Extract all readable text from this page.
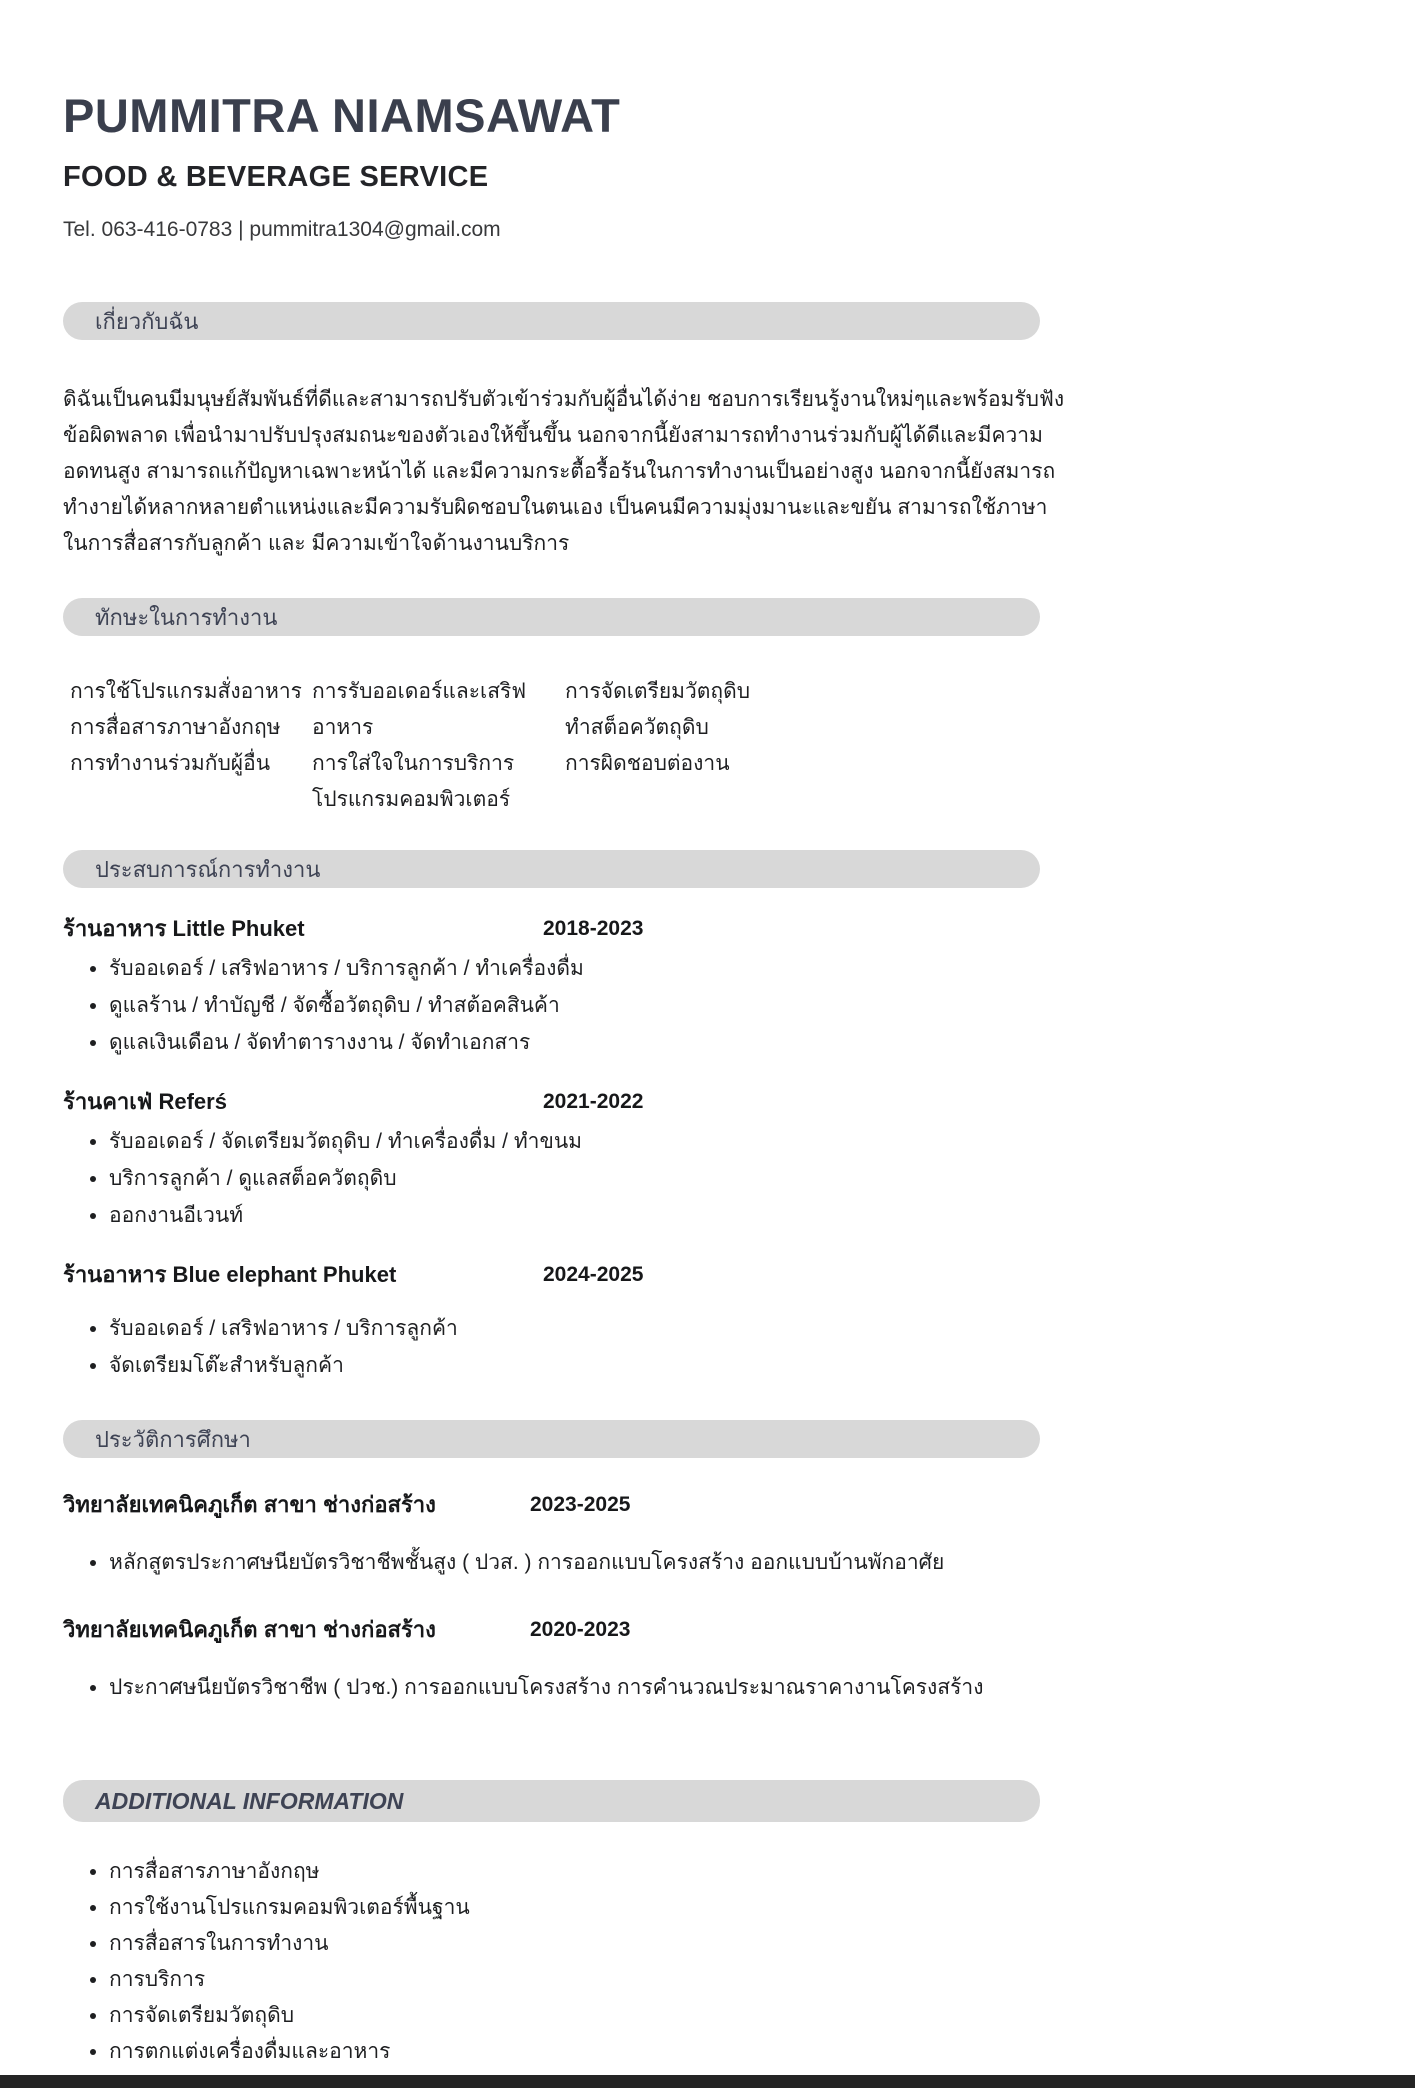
PUMMITRA NIAMSAWAT
FOOD & BEVERAGE SERVICE

Tel. 063-416-0783 | pummitra1304@gmail.com

เกี่ยวกับฉัน

ดิฉันเป็นคนมีมนุษย์สัมพันธ์ที่ดีและสามารถปรับตัวเข้าร่วมกับผู้อื่นได้ง่าย ชอบการเรียนรู้งานใหม่ๆและพร้อมรับฟังข้อผิดพลาด เพื่อนำมาปรับปรุงสมถนะของตัวเองให้ขึ้นขึ้น นอกจากนี้ยังสามารถทำงานร่วมกับผู้ได้ดีและมีความอดทนสูง สามารถแก้ปัญหาเฉพาะหน้าได้ และมีความกระตื้อรื้อร้นในการทำงานเป็นอย่างสูง นอกจากนี้ยังสมารถทำงายได้หลากหลายตำแหน่งและมีความรับผิดชอบในตนเอง เป็นคนมีความมุ่งมานะและขยัน สามารถใช้ภาษาในการสื่อสารกับลูกค้า และ มีความเข้าใจด้านงานบริการ

ทักษะในการทำงาน
การใช้โปรแกรมสั่งอาหาร
การสื่อสารภาษาอังกฤษ
การทำงานร่วมกับผู้อื่น
การรับออเดอร์และเสริฟอาหาร
การใส่ใจในการบริการ
โปรแกรมคอมพิวเตอร์
การจัดเตรียมวัตถุดิบ
ทำสต็อควัตถุดิบ
การผิดชอบต่องาน
ประสบการณ์การทำงาน
ร้านอาหาร Little Phuket	2018-2023
• รับออเดอร์ / เสริฟอาหาร / บริการลูกค้า / ทำเครื่องดื่ม
• ดูแลร้าน / ทำบัญชี / จัดซื้อวัตถุดิบ / ทำสต้อคสินค้า
• ดูแลเงินเดือน / จัดทำตารางงาน / จัดทำเอกสาร
ร้านคาเฟ่ Referś	2021-2022
• รับออเดอร์ / จัดเตรียมวัตถุดิบ / ทำเครื่องดื่ม / ทำขนม
• บริการลูกค้า / ดูแลสต็อควัตถุดิบ
• ออกงานอีเวนท์
ร้านอาหาร Blue elephant Phuket	2024-2025
• รับออเดอร์ / เสริฟอาหาร / บริการลูกค้า
• จัดเตรียมโต๊ะสำหรับลูกค้า
ประวัติการศึกษา
วิทยาลัยเทคนิคภูเก็ต สาขา ช่างก่อสร้าง	2023-2025
• หลักสูตรประกาศษนียบัตรวิชาชีพชั้นสูง ( ปวส. ) การออกแบบโครงสร้าง ออกแบบบ้านพักอาศัย
วิทยาลัยเทคนิคภูเก็ต สาขา ช่างก่อสร้าง	2020-2023
• ประกาศษนียบัตรวิชาชีพ ( ปวช.) การออกแบบโครงสร้าง การคำนวณประมาณราคางานโครงสร้าง
ADDITIONAL INFORMATION
• การสื่อสารภาษาอังกฤษ
• การใช้งานโปรแกรมคอมพิวเตอร์พื้นฐาน
• การสื่อสารในการทำงาน
• การบริการ
• การจัดเตรียมวัตถุดิบ
• การตกแต่งเครื่องดื่มและอาหาร
